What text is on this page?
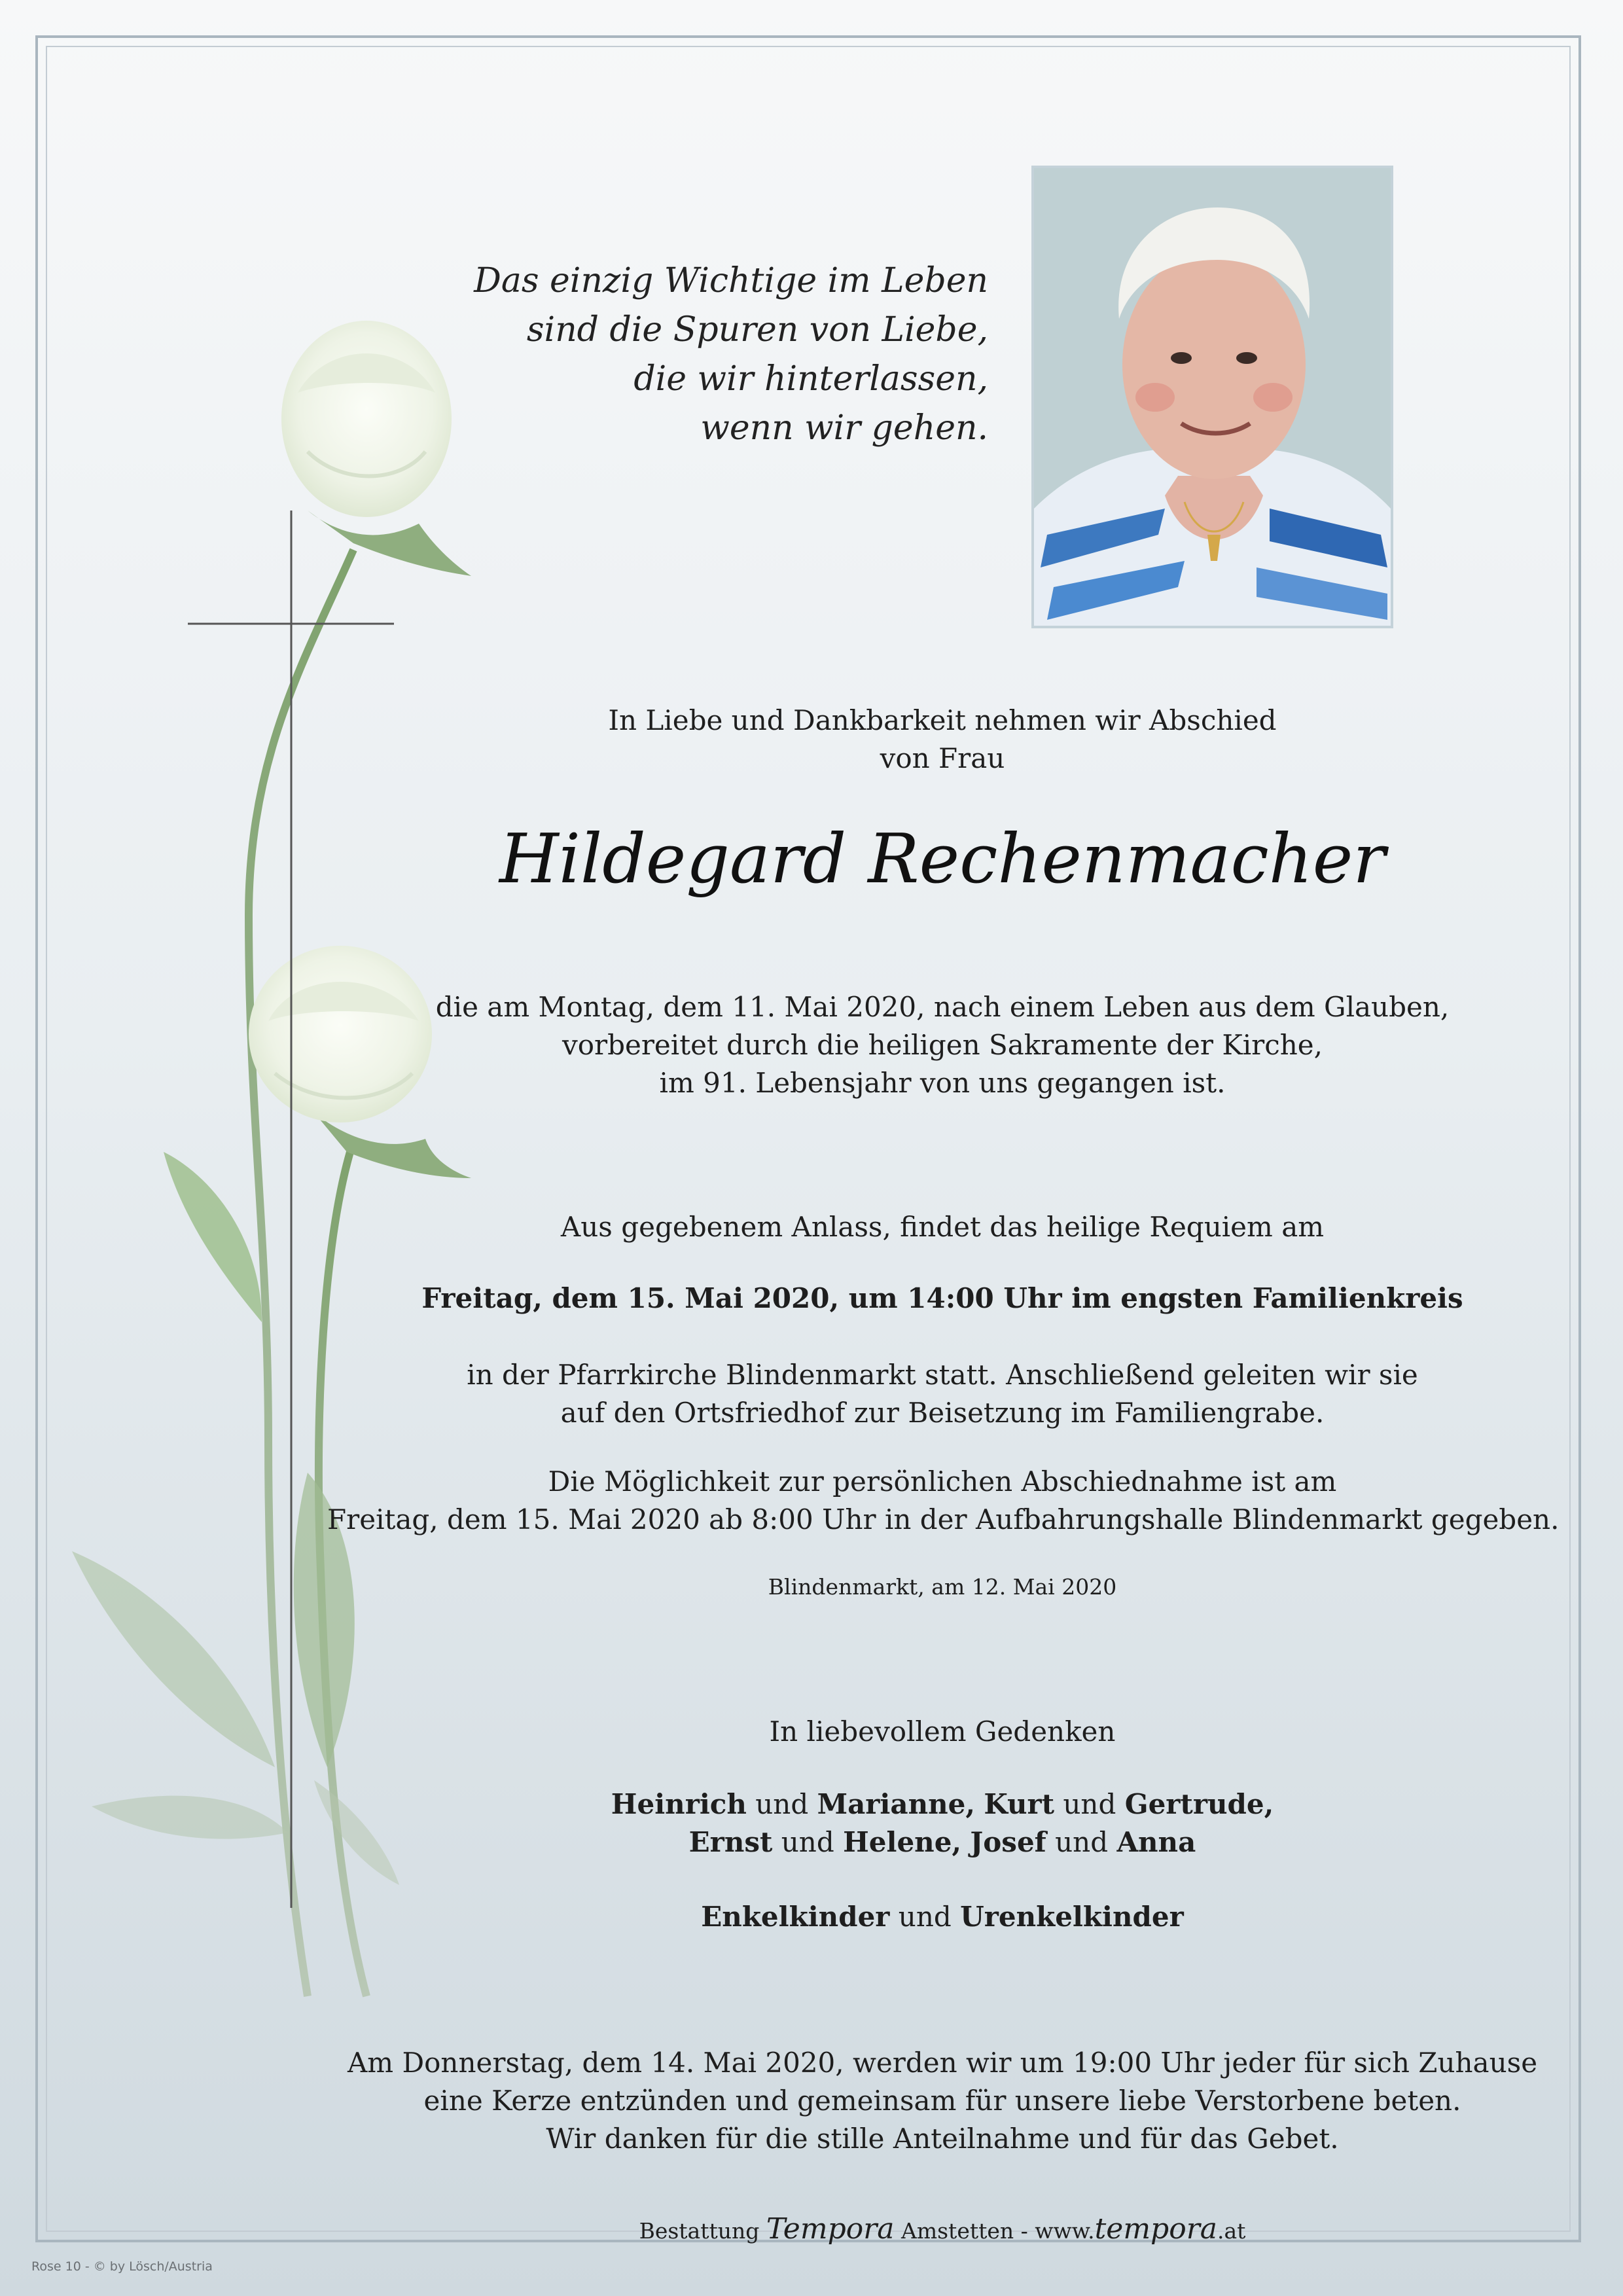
Das einzig Wichtige im Leben
sind die Spuren von Liebe,
die wir hinterlassen,
wenn wir gehen.
In Liebe und Dankbarkeit nehmen wir Abschied
von Frau
Hildegard Rechenmacher
die am Montag, dem 11. Mai 2020, nach einem Leben aus dem Glauben,
vorbereitet durch die heiligen Sakramente der Kirche,
im 91. Lebensjahr von uns gegangen ist.
Aus gegebenem Anlass, findet das heilige Requiem am
Freitag, dem 15. Mai 2020, um 14:00 Uhr im engsten Familienkreis
in der Pfarrkirche Blindenmarkt statt. Anschließend geleiten wir sie
auf den Ortsfriedhof zur Beisetzung im Familiengrabe.
Die Möglichkeit zur persönlichen Abschiednahme ist am
Freitag, dem 15. Mai 2020 ab 8:00 Uhr in der Aufbahrungshalle Blindenmarkt gegeben.
Blindenmarkt, am 12. Mai 2020
In liebevollem Gedenken
Heinrich und Marianne, Kurt und Gertrude,
Ernst und Helene, Josef und Anna
Enkelkinder und Urenkelkinder
Am Donnerstag, dem 14. Mai 2020, werden wir um 19:00 Uhr jeder für sich Zuhause
eine Kerze entzünden und gemeinsam für unsere liebe Verstorbene beten.
Wir danken für die stille Anteilnahme und für das Gebet.
Bestattung Tempora Amstetten - www.tempora.at
Rose 10 - © by Lösch/Austria
